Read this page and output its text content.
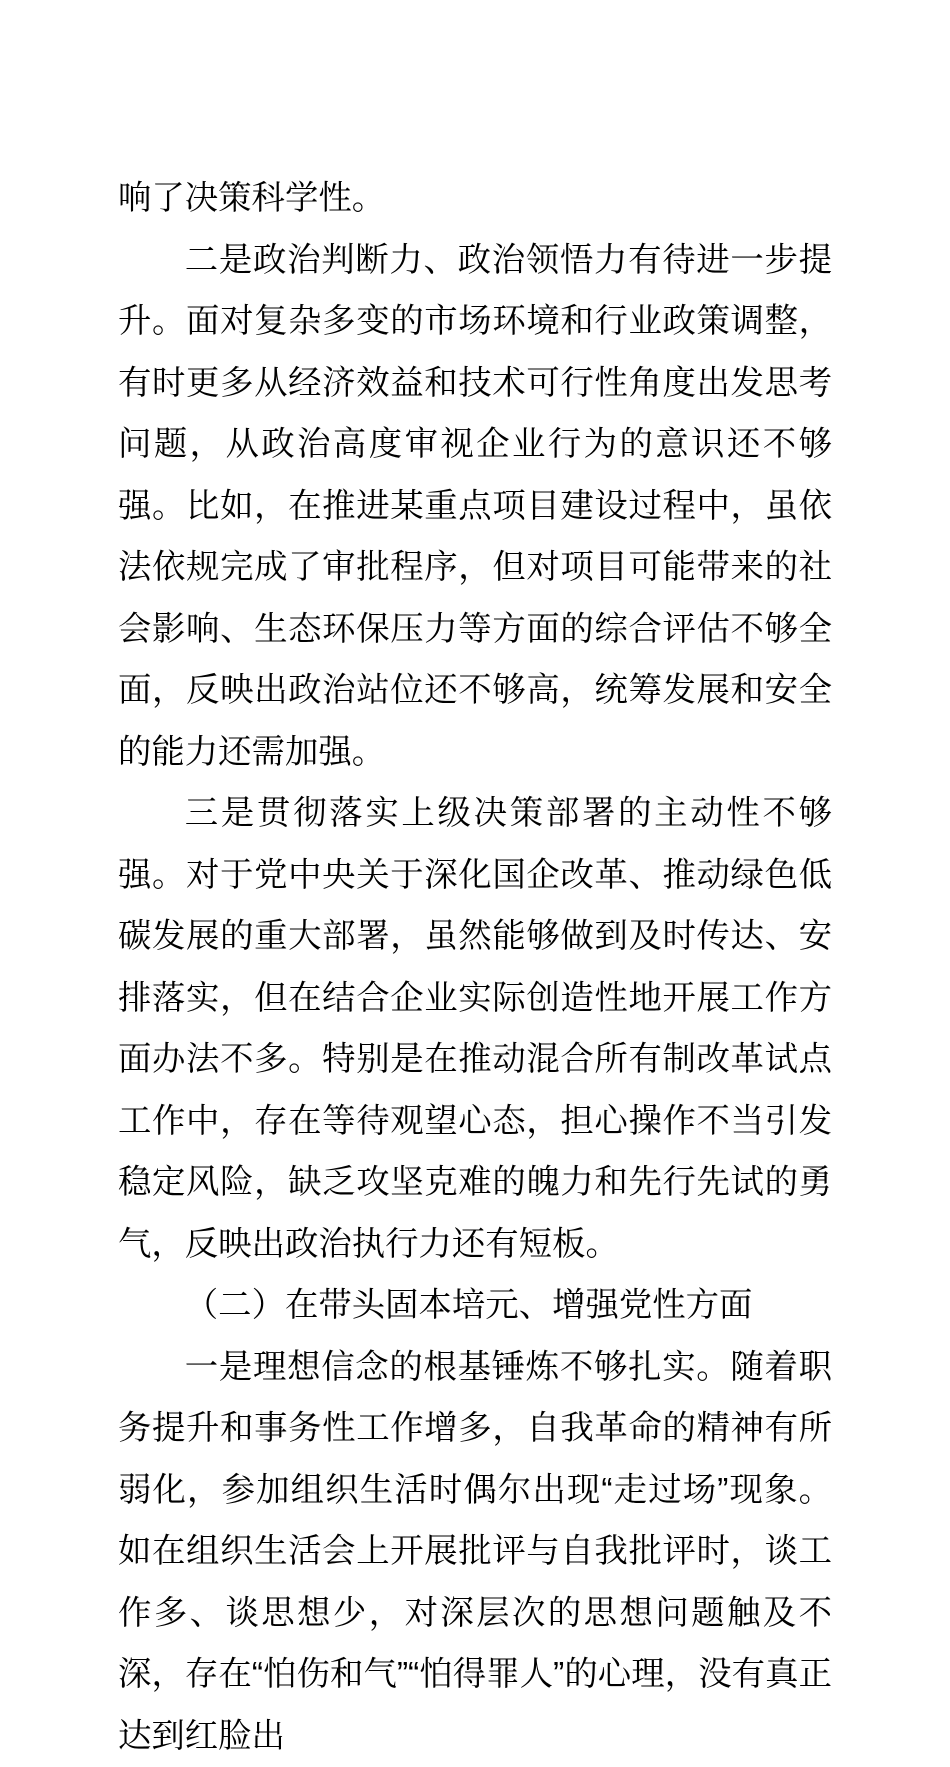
响了决策科学性。

二是政治判断力、政治领悟力有待进一步提升。面对复杂多变的市场环境和行业政策调整，有时更多从经济效益和技术可行性角度出发思考问题，从政治高度审视企业行为的意识还不够强。比如，在推进某重点项目建设过程中，虽依法依规完成了审批程序，但对项目可能带来的社会影响、生态环保压力等方面的综合评估不够全面，反映出政治站位还不够高，统筹发展和安全的能力还需加强。

三是贯彻落实上级决策部署的主动性不够强。对于党中央关于深化国企改革、推动绿色低碳发展的重大部署，虽然能够做到及时传达、安排落实，但在结合企业实际创造性地开展工作方面办法不多。特别是在推动混合所有制改革试点工作中，存在等待观望心态，担心操作不当引发稳定风险，缺乏攻坚克难的魄力和先行先试的勇气，反映出政治执行力还有短板。

（二）在带头固本培元、增强党性方面

一是理想信念的根基锤炼不够扎实。随着职务提升和事务性工作增多，自我革命的精神有所弱化，参加组织生活时偶尔出现“走过场”现象。如在组织生活会上开展批评与自我批评时，谈工作多、谈思想少，对深层次的思想问题触及不深，存在“怕伤和气”“怕得罪人”的心理，没有真正达到红脸出
